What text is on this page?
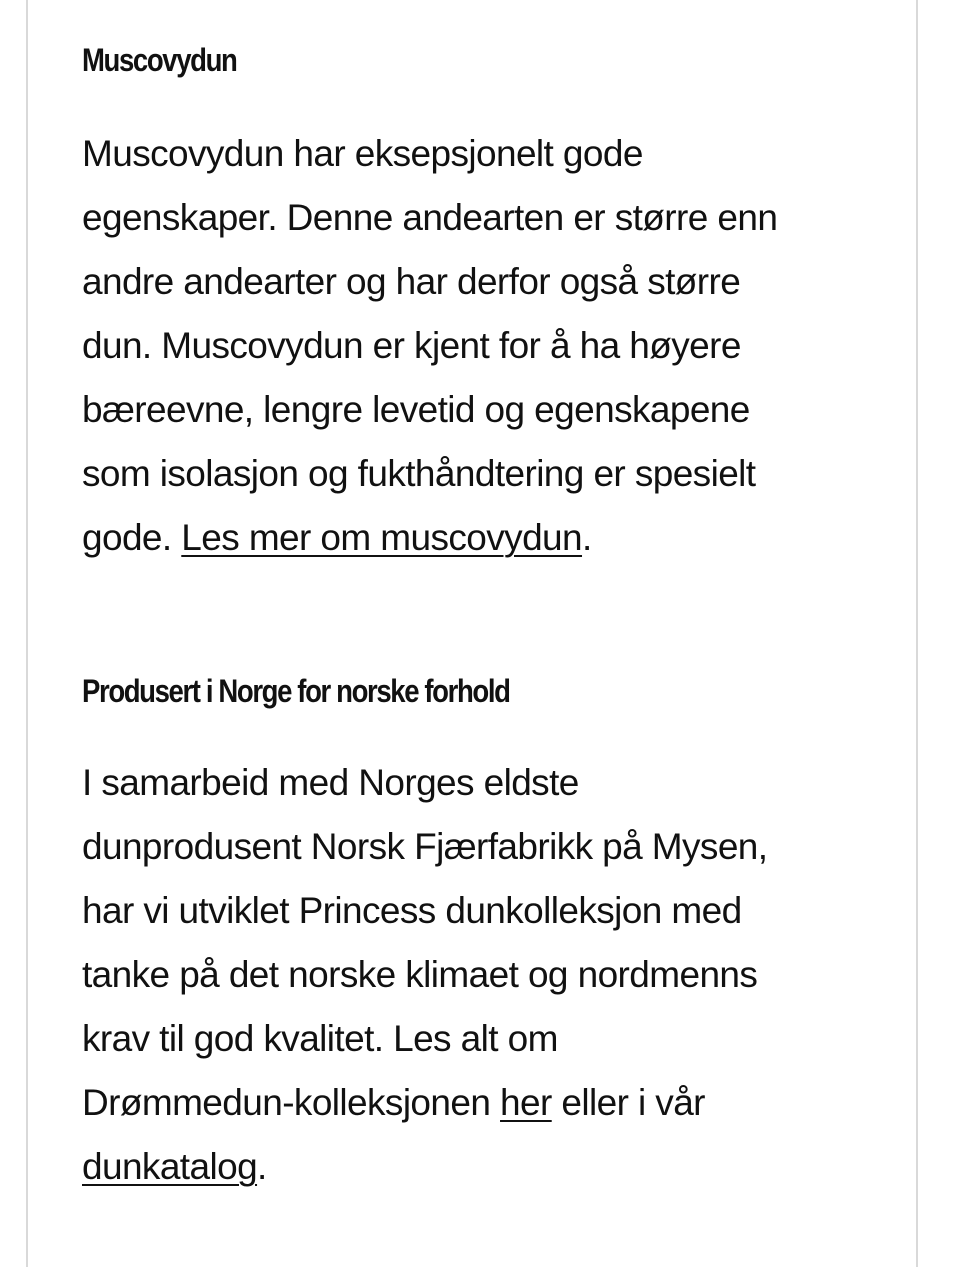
Muscovydun

Muscovydun har eksepsjonelt gode
egenskaper. Denne andearten er større enn
andre andearter og har derfor også større
dun. Muscovydun er kjent for å ha høyere
bæreevne, lengre levetid og egenskapene
som isolasjon og fukthåndtering er spesielt
gode. Les mer om muscovydun.

Produsert i Norge for norske forhold

I samarbeid med Norges eldste
dunprodusent Norsk Fjærfabrikk på Mysen,
har vi utviklet Princess dunkolleksjon med
tanke på det norske klimaet og nordmenns
krav til god kvalitet. Les alt om
Drømmedun-kolleksjonen her eller i vår
dunkatalog.
